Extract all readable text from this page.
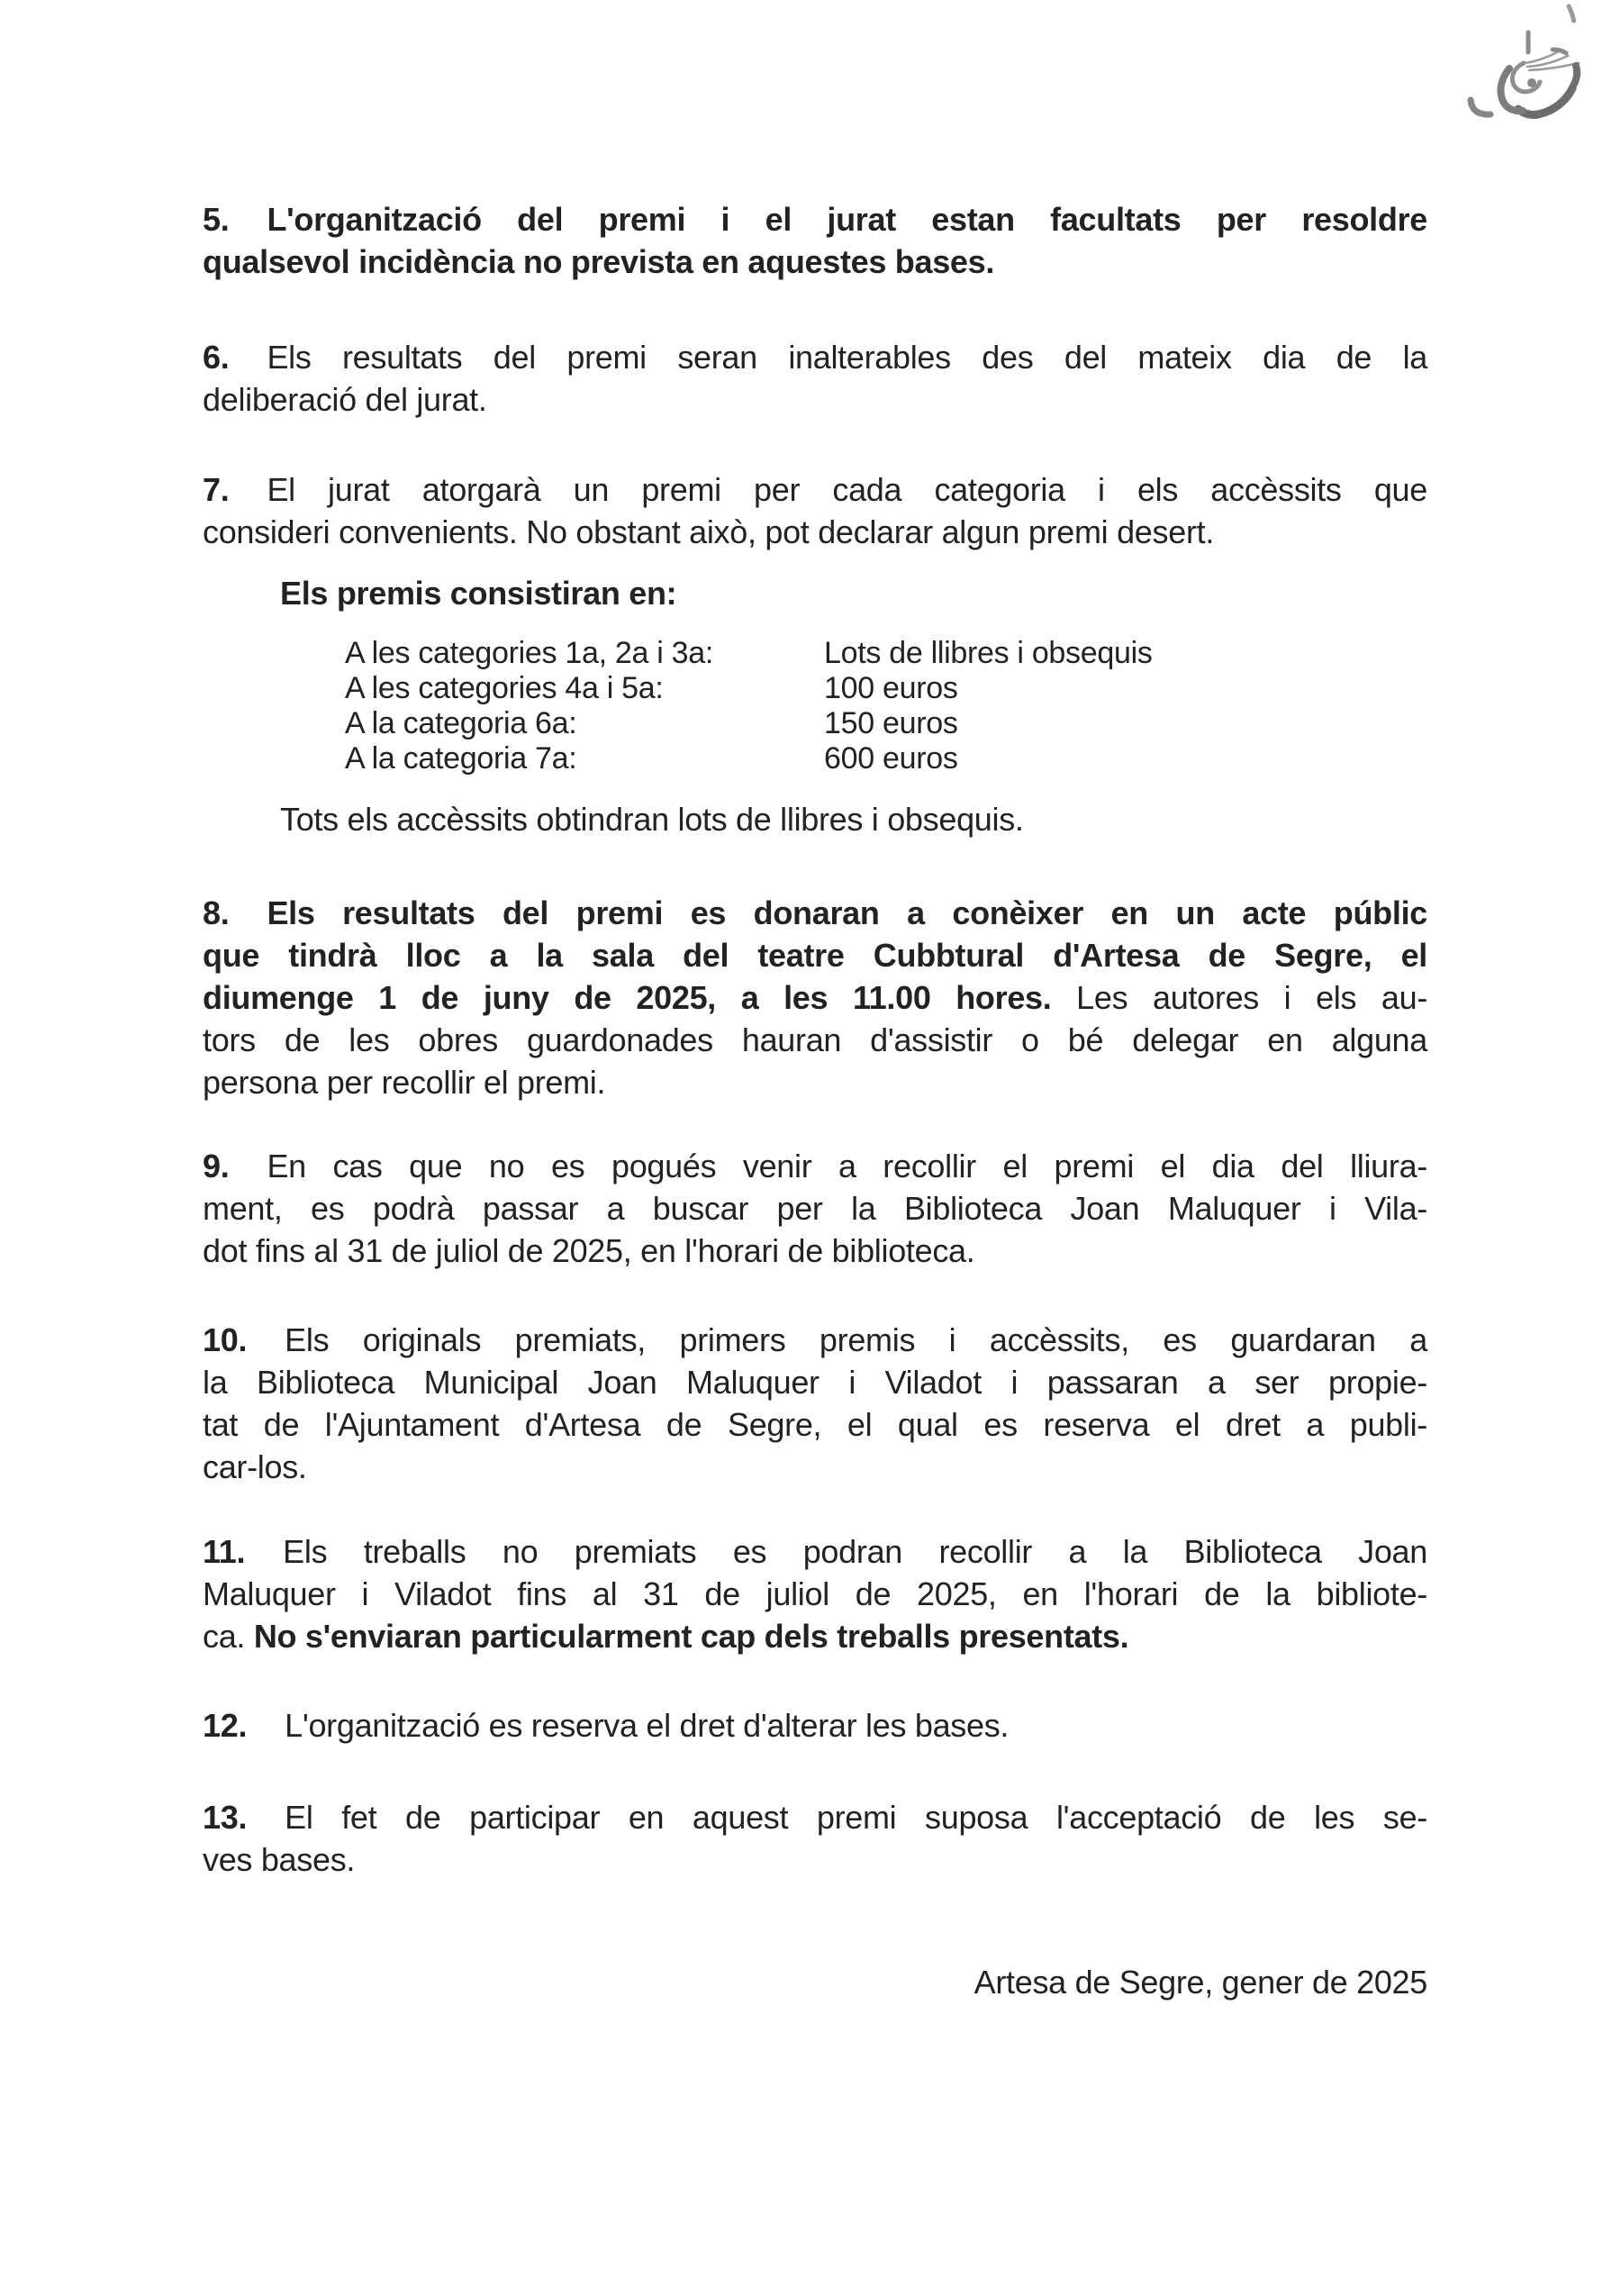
5. L'organització del premi i el jurat estan facultats per resoldre
qualsevol incidència no prevista en aquestes bases.
6. Els resultats del premi seran inalterables des del mateix dia de la
deliberació del jurat.
7. El jurat atorgarà un premi per cada categoria i els accèssits que
consideri convenients. No obstant això, pot declarar algun premi desert.
Els premis consistiran en:
A les categories 1a, 2a i 3a:	Lots de llibres i obsequis
A les categories 4a i 5a:	100 euros
A la categoria 6a:	150 euros
A la categoria 7a:	600 euros
Tots els accèssits obtindran lots de llibres i obsequis.
8. Els resultats del premi es donaran a conèixer en un acte públic
que tindrà lloc a la sala del teatre Cubbtural d'Artesa de Segre, el
diumenge 1 de juny de 2025, a les 11.00 hores. Les autores i els au-
tors de les obres guardonades hauran d'assistir o bé delegar en alguna
persona per recollir el premi.
9. En cas que no es pogués venir a recollir el premi el dia del lliura-
ment, es podrà passar a buscar per la Biblioteca Joan Maluquer i Vila-
dot fins al 31 de juliol de 2025, en l'horari de biblioteca.
10. Els originals premiats, primers premis i accèssits, es guardaran a
la Biblioteca Municipal Joan Maluquer i Viladot i passaran a ser propie-
tat de l'Ajuntament d'Artesa de Segre, el qual es reserva el dret a publi-
car-los.
11. Els treballs no premiats es podran recollir a la Biblioteca Joan
Maluquer i Viladot fins al 31 de juliol de 2025, en l'horari de la bibliote-
ca. No s'enviaran particularment cap dels treballs presentats.
12. L'organització es reserva el dret d'alterar les bases.
13. El fet de participar en aquest premi suposa l'acceptació de les se-
ves bases.
Artesa de Segre, gener de 2025
